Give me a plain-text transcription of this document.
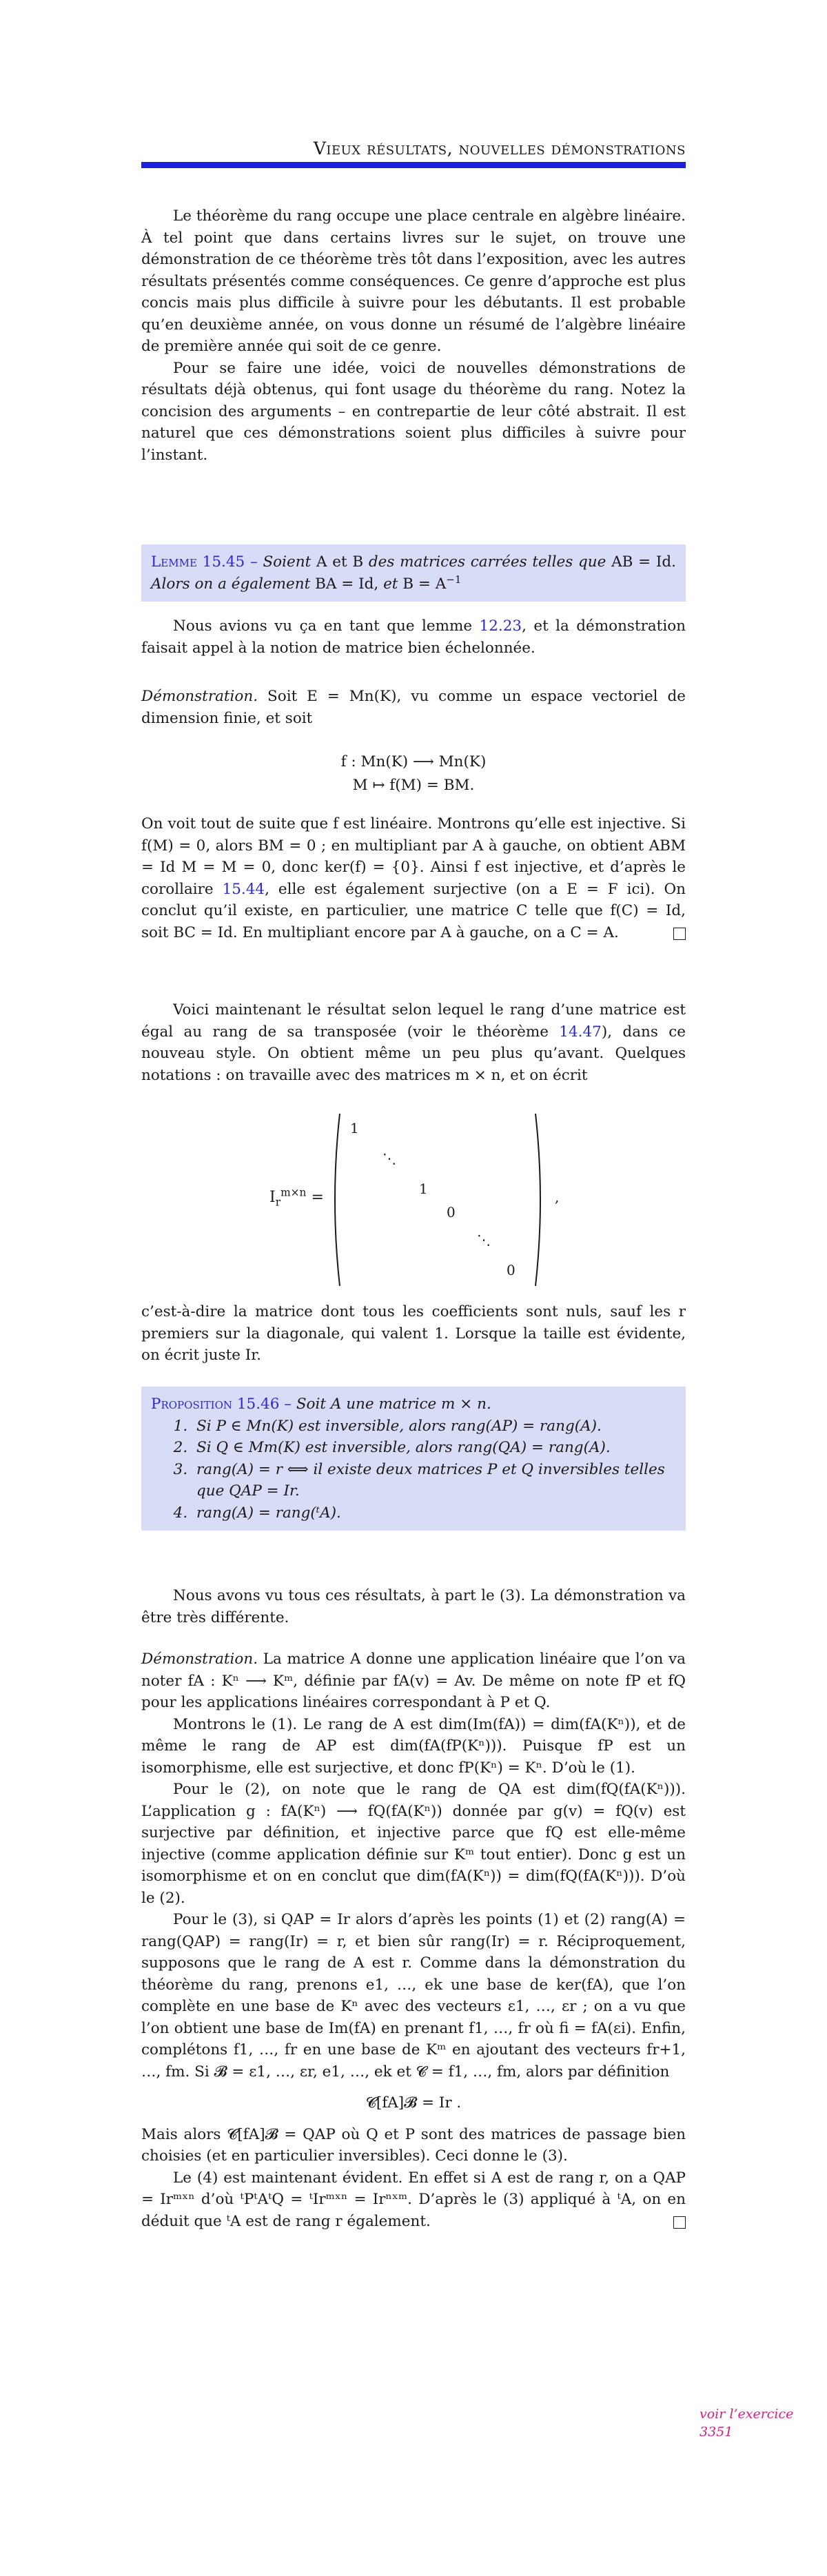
Vieux résultats, nouvelles démonstrations

Le théorème du rang occupe une place centrale en algèbre linéaire. À tel point que dans certains livres sur le sujet, on trouve une démonstration de ce théorème très tôt dans l’exposition, avec les autres résultats présentés comme conséquences. Ce genre d’approche est plus concis mais plus difficile à suivre pour les débutants. Il est probable qu’en deuxième année, on vous donne un résumé de l’algèbre linéaire de première année qui soit de ce genre.

Pour se faire une idée, voici de nouvelles démonstrations de résultats déjà obtenus, qui font usage du théorème du rang. Notez la concision des arguments – en contrepartie de leur côté abstrait. Il est naturel que ces démonstrations soient plus difficiles à suivre pour l’instant.

Lemme 15.45 – Soient A et B des matrices carrées telles que AB = Id. Alors on a également BA = Id, et $B = A^{-1}$

Nous avions vu ça en tant que lemme 12.23, et la démonstration faisait appel à la notion de matrice bien échelonnée.

Démonstration. Soit E = Mn(K), vu comme un espace vectoriel de dimension finie, et soit

f : Mn(K) ⟶ Mn(K)
M ↦ f(M) = BM.

On voit tout de suite que f est linéaire. Montrons qu’elle est injective. Si f(M) = 0, alors BM = 0 ; en multipliant par A à gauche, on obtient ABM = Id M = M = 0, donc ker(f) = {0}. Ainsi f est injective, et d’après le corollaire 15.44, elle est également surjective (on a E = F ici). On conclut qu’il existe, en particulier, une matrice C telle que f(C) = Id, soit BC = Id. En multipliant encore par A à gauche, on a C = A.

Voici maintenant le résultat selon lequel le rang d’une matrice est égal au rang de sa transposée (voir le théorème 14.47), dans ce nouveau style. On obtient même un peu plus qu’avant. Quelques notations : on travaille avec des matrices m × n, et on écrit

$I_r^{m\times n}$ =
1
⋱
1
0
⋱
0
,

c’est-à-dire la matrice dont tous les coefficients sont nuls, sauf les r premiers sur la diagonale, qui valent 1. Lorsque la taille est évidente, on écrit juste Ir.

Proposition 15.46 – Soit A une matrice m × n.

1. Si P ∈ Mn(K) est inversible, alors rang(AP) = rang(A).
2. Si Q ∈ Mm(K) est inversible, alors rang(QA) = rang(A).
3. rang(A) = r ⟺ il existe deux matrices P et Q inversibles telles que QAP = Ir.
4. rang(A) = rang(ᵗA).

Nous avons vu tous ces résultats, à part le (3). La démonstration va être très différente.

Démonstration. La matrice A donne une application linéaire que l’on va noter fA : Kⁿ ⟶ Kᵐ, définie par fA(v) = Av. De même on note fP et fQ pour les applications linéaires correspondant à P et Q.

Montrons le (1). Le rang de A est dim(Im(fA)) = dim(fA(Kⁿ)), et de même le rang de AP est dim(fA(fP(Kⁿ))). Puisque fP est un isomorphisme, elle est surjective, et donc fP(Kⁿ) = Kⁿ. D’où le (1).

Pour le (2), on note que le rang de QA est dim(fQ(fA(Kⁿ))). L’application g : fA(Kⁿ) ⟶ fQ(fA(Kⁿ)) donnée par g(v) = fQ(v) est surjective par définition, et injective parce que fQ est elle-même injective (comme application définie sur Kᵐ tout entier). Donc g est un isomorphisme et on en conclut que dim(fA(Kⁿ)) = dim(fQ(fA(Kⁿ))). D’où le (2).

Pour le (3), si QAP = Ir alors d’après les points (1) et (2) rang(A) = rang(QAP) = rang(Ir) = r, et bien sûr rang(Ir) = r. Réciproquement, supposons que le rang de A est r. Comme dans la démonstration du théorème du rang, prenons e1, …, ek une base de ker(fA), que l’on complète en une base de Kⁿ avec des vecteurs ε1, …, εr ; on a vu que l’on obtient une base de Im(fA) en prenant f1, …, fr où fi = fA(εi). Enfin, complétons f1, …, fr en une base de Kᵐ en ajoutant des vecteurs fr+1, …, fm. Si 𝓑 = ε1, …, εr, e1, …, ek et 𝓒 = f1, …, fm, alors par définition

𝓒[fA]𝓑 = Ir .

Mais alors 𝓒[fA]𝓑 = QAP où Q et P sont des matrices de passage bien choisies (et en particulier inversibles). Ceci donne le (3).

Le (4) est maintenant évident. En effet si A est de rang r, on a QAP = Irᵐˣⁿ d’où ᵗPᵗAᵗQ = ᵗIrᵐˣⁿ = Irⁿˣᵐ. D’après le (3) appliqué à ᵗA, on en déduit que ᵗA est de rang r également.

voir l’exercice
3351
